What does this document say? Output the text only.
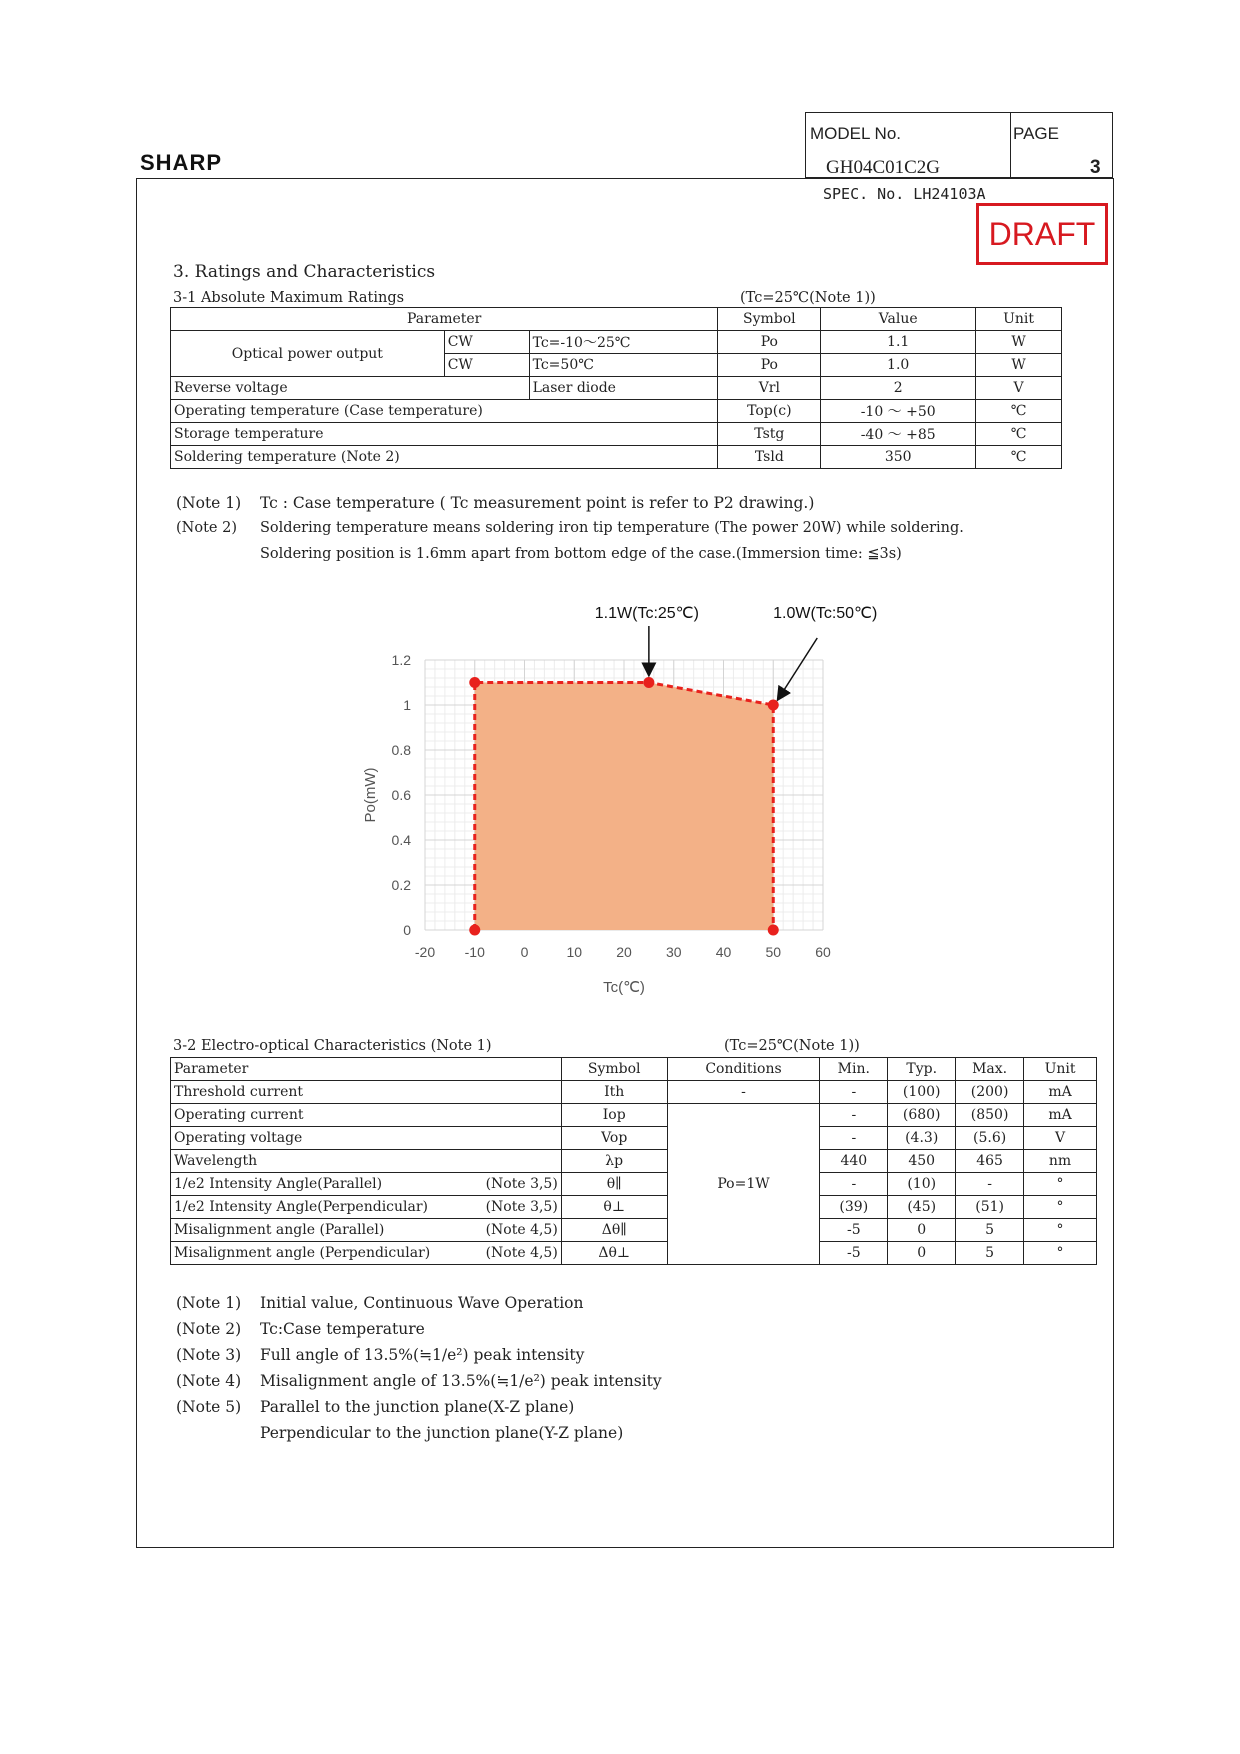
SHARP
MODEL No.	PAGE
GH04C01C2G	3
SPEC. No. LH24103A
DRAFT
3. Ratings and Characteristics
3-1 Absolute Maximum Ratings	(Tc=25℃(Note 1))
Parameter			Symbol	Value	Unit
Optical power output	CW	Tc=-10～25℃	Po	1.1	W
	CW	Tc=50℃	Po	1.0	W
Reverse voltage		Laser diode	Vrl	2	V
Operating temperature (Case temperature)			Top(c)	-10 ～ +50	℃
Storage temperature			Tstg	-40 ～ +85	℃
Soldering temperature (Note 2)			Tsld	350	℃
(Note 1) Tc : Case temperature ( Tc measurement point is refer to P2 drawing.)
(Note 2) Soldering temperature means soldering iron tip temperature (The power 20W) while soldering.
Soldering position is 1.6mm apart from bottom edge of the case.(Immersion time: ≦3s)
-20 -10	0	10 20 30 40 50 60
0
0.2
0.4
0.6
0.8
1
1.2
Tc(℃)
Po(mW)
1.1W(Tc:25℃)	1.0W(Tc:50℃)
3-2 Electro-optical Characteristics (Note 1)	(Tc=25℃(Note 1))
Parameter		Symbol	Conditions	Min.	Typ.	Max.	Unit
Threshold current		Ith	-	-	(100)	(200)	mA
Operating current		Iop	Po=1W	-	(680)	(850)	mA
Operating voltage		Vop		-	(4.3)	(5.6)	V
Wavelength		λp		440	450	465	nm
1/e2 Intensity Angle(Parallel)	(Note 3,5)	θ∥		-	(10)	-	°
1/e2 Intensity Angle(Perpendicular)	(Note 3,5)	θ⊥		(39)	(45)	(51)	°
Misalignment angle (Parallel)	(Note 4,5)	Δθ∥		-5	0	5	°
Misalignment angle (Perpendicular)	(Note 4,5)	Δθ⊥		-5	0	5	°
(Note 1) Initial value, Continuous Wave Operation
(Note 2) Tc:Case temperature
(Note 3) Full angle of 13.5%(≒1/e²) peak intensity
(Note 4) Misalignment angle of 13.5%(≒1/e²) peak intensity
(Note 5) Parallel to the junction plane(X-Z plane)
Perpendicular to the junction plane(Y-Z plane)
